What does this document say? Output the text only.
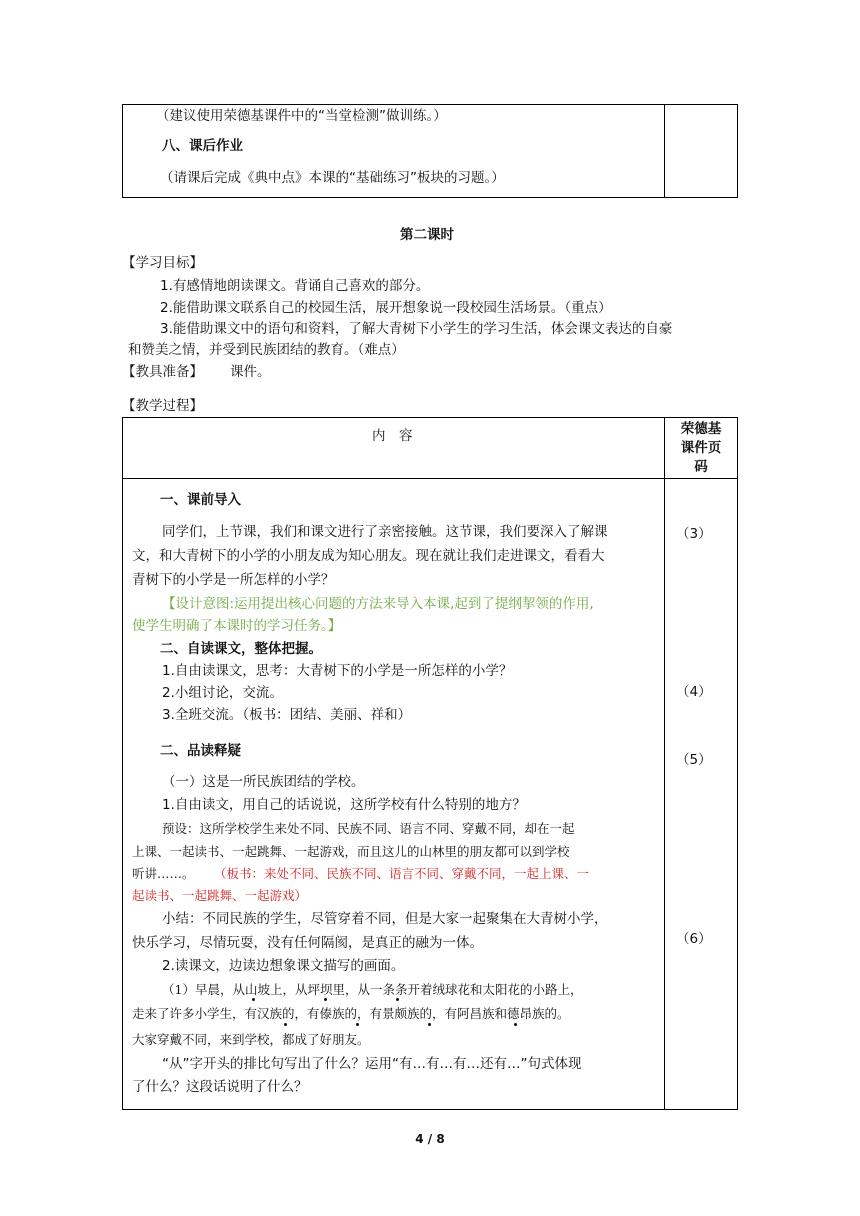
（建议使用荣德基课件中的“当堂检测”做训练。）
八、课后作业
（请课后完成《典中点》本课的“基础练习”板块的习题。）
第二课时
【学习目标】
1.有感情地朗读课文。背诵自己喜欢的部分。
2.能借助课文联系自己的校园生活，展开想象说一段校园生活场景。（重点）
3.能借助课文中的语句和资料，了解大青树下小学生的学习生活，体会课文表达的自豪
和赞美之情，并受到民族团结的教育。（难点）
【教具准备】 课件。
【教学过程】
内　容	荣德基
课件页
码
（3）
（4）
（5）
（6）
一、课前导入
同学们，上节课，我们和课文进行了亲密接触。这节课，我们要深入了解课
文，和大青树下的小学的小朋友成为知心朋友。现在就让我们走进课文，看看大
青树下的小学是一所怎样的小学？
【设计意图:运用提出核心问题的方法来导入本课,起到了提纲挈领的作用,
使学生明确了本课时的学习任务。】
二、自读课文，整体把握。
1.自由读课文，思考：大青树下的小学是一所怎样的小学？
2.小组讨论，交流。
3.全班交流。（板书：团结、美丽、祥和）
二、品读释疑
（一）这是一所民族团结的学校。
1.自由读文，用自己的话说说，这所学校有什么特别的地方？
预设：这所学校学生来处不同、民族不同、语言不同、穿戴不同，却在一起
上课、一起读书、一起跳舞、一起游戏，而且这儿的山林里的朋友都可以到学校
听讲……。 （板书：来处不同、民族不同、语言不同、穿戴不同，一起上课、一
起读书、一起跳舞、一起游戏）
小结：不同民族的学生，尽管穿着不同，但是大家一起聚集在大青树小学，
快乐学习，尽情玩耍，没有任何隔阂，是真正的融为一体。
2.读课文，边读边想象课文描写的画面。
（1）早晨，从山坡上，从坪坝里，从一条条开着绒球花和太阳花的小路上，
走来了许多小学生，有汉族的，有傣族的，有景颇族的，有阿昌族和德昂族的。
大家穿戴不同，来到学校，都成了好朋友。
“从”字开头的排比句写出了什么？运用“有…有…有…还有…”句式体现
了什么？这段话说明了什么？
4 / 8
